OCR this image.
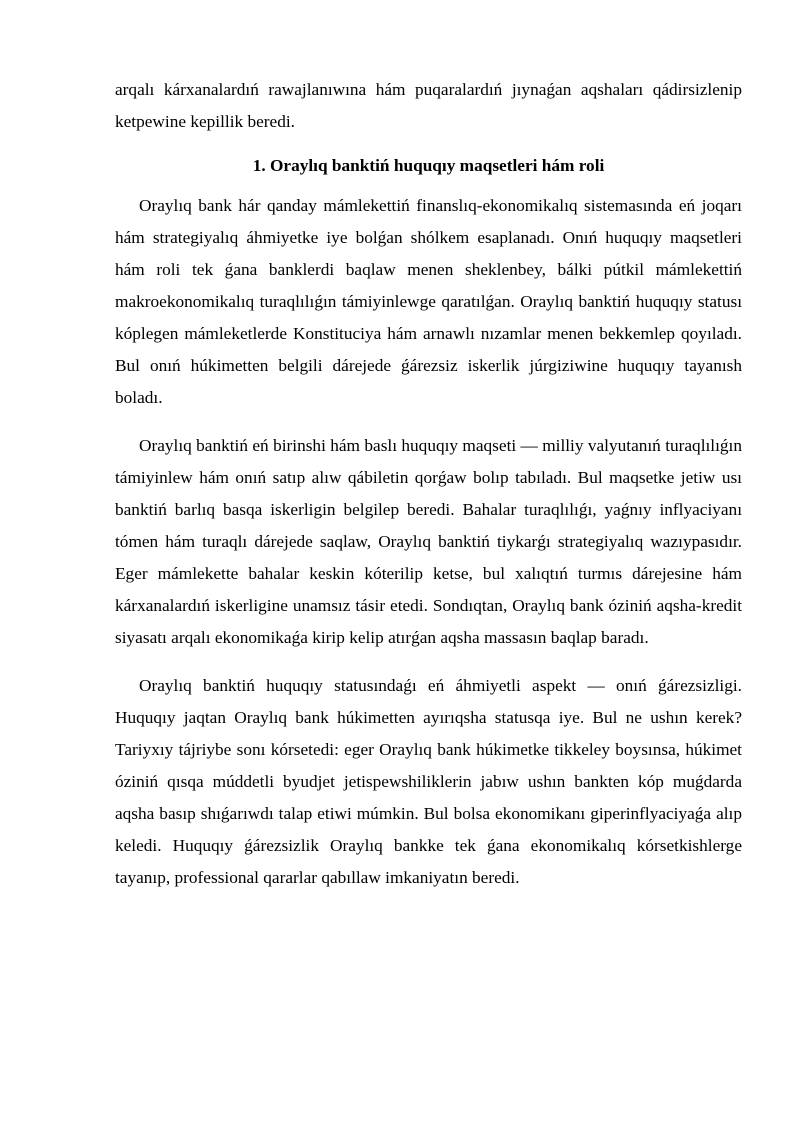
arqalı kárxanalardıń rawajlanıwına hám puqaralardıń jıynaǵan aqshaları qádirsizlenip ketpewine kepillik beredi.

1. Oraylıq banktiń huquqıy maqsetleri hám roli

Oraylıq bank hár qanday mámlekettiń finanslıq-ekonomikalıq sistemasında eń joqarı hám strategiyalıq áhmiyetke iye bolǵan shólkem esaplanadı. Onıń huquqıy maqsetleri hám roli tek ǵana banklerdi baqlaw menen sheklenbey, bálki pútkil mámlekettiń makroekonomikalıq turaqlılıǵın támiyinlewge qaratılǵan. Oraylıq banktiń huquqıy statusı kóplegen mámleketlerde Konstituciya hám arnawlı nızamlar menen bekkemlep qoyıladı. Bul onıń húkimetten belgili dárejede ǵárezsiz iskerlik júrgiziwine huquqıy tayanısh boladı.

Oraylıq banktiń eń birinshi hám baslı huquqıy maqseti — milliy valyutanıń turaqlılıǵın támiyinlew hám onıń satıp alıw qábiletin qorǵaw bolıp tabıladı. Bul maqsetke jetiw usı banktiń barlıq basqa iskerligin belgilep beredi. Bahalar turaqlılıǵı, yaǵnıy inflyaciyanı tómen hám turaqlı dárejede saqlaw, Oraylıq banktiń tiykarǵı strategiyalıq wazıypasıdır. Eger mámlekette bahalar keskin kóterilip ketse, bul xalıqtıń turmıs dárejesine hám kárxanalardıń iskerligine unamsız tásir etedi. Sondıqtan, Oraylıq bank óziniń aqsha-kredit siyasatı arqalı ekonomikaǵa kirip kelip atırǵan aqsha massasın baqlap baradı.

Oraylıq banktiń huquqıy statusındaǵı eń áhmiyetli aspekt — onıń ǵárezsizligi. Huquqıy jaqtan Oraylıq bank húkimetten ayırıqsha statusqa iye. Bul ne ushın kerek? Tariyxıy tájriybe sonı kórsetedi: eger Oraylıq bank húkimetke tikkeley boysınsa, húkimet óziniń qısqa múddetli byudjet jetispewshiliklerin jabıw ushın bankten kóp muǵdarda aqsha basıp shıǵarıwdı talap etiwi múmkin. Bul bolsa ekonomikanı giperinflyaciyaǵa alıp keledi. Huquqıy ǵárezsizlik Oraylıq bankke tek ǵana ekonomikalıq kórsetkishlerge tayanıp, professional qararlar qabıllaw imkaniyatın beredi.
